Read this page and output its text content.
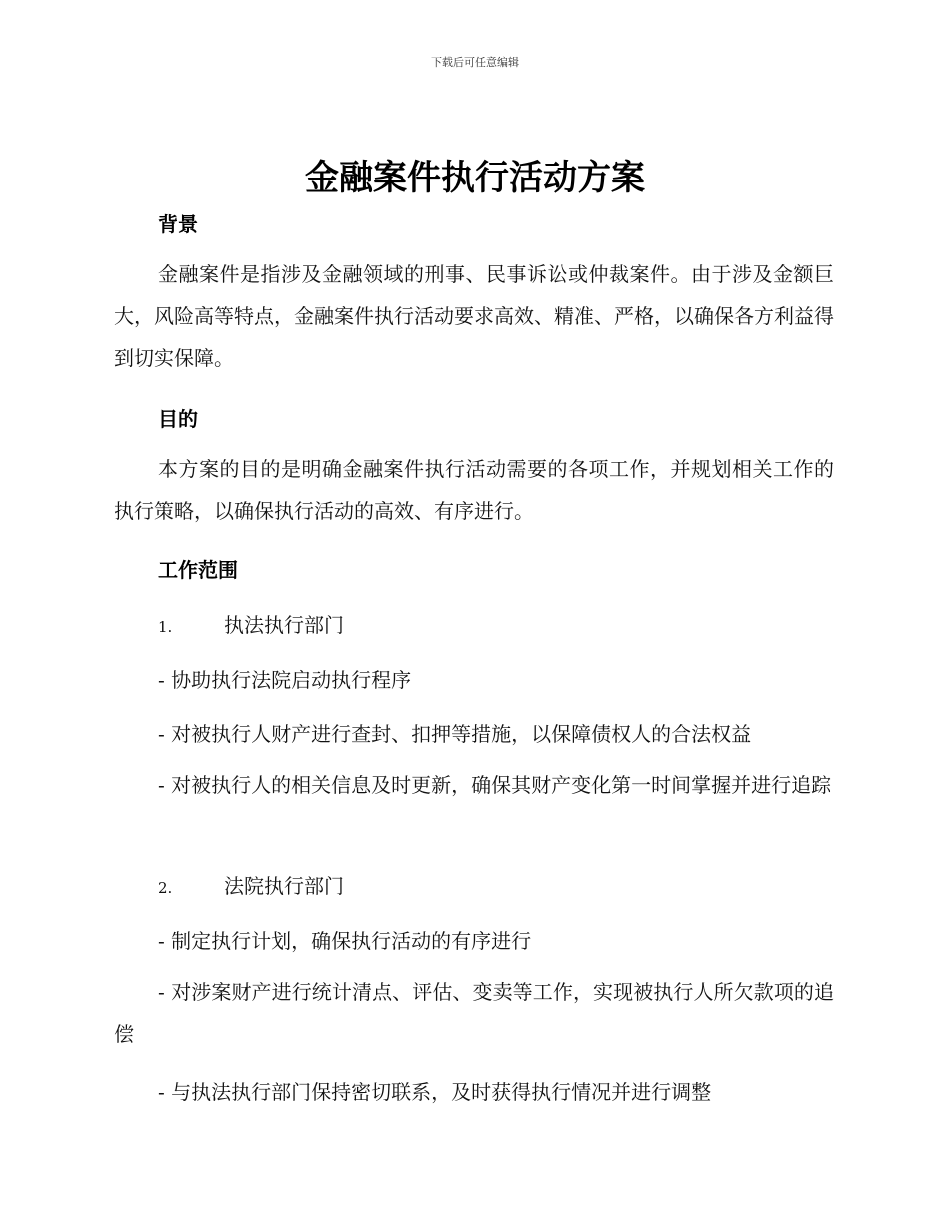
下载后可任意编辑
金融案件执行活动方案
背景
金融案件是指涉及金融领域的刑事、民事诉讼或仲裁案件。由于涉及金额巨大，风险高等特点，金融案件执行活动要求高效、精准、严格，以确保各方利益得到切实保障。
目的
本方案的目的是明确金融案件执行活动需要的各项工作，并规划相关工作的执行策略，以确保执行活动的高效、有序进行。
工作范围
1.	执法执行部门
- 协助执行法院启动执行程序
- 对被执行人财产进行查封、扣押等措施，以保障债权人的合法权益
- 对被执行人的相关信息及时更新，确保其财产变化第一时间掌握并进行追踪
2.	法院执行部门
- 制定执行计划，确保执行活动的有序进行
- 对涉案财产进行统计清点、评估、变卖等工作，实现被执行人所欠款项的追偿
- 与执法执行部门保持密切联系，及时获得执行情况并进行调整
